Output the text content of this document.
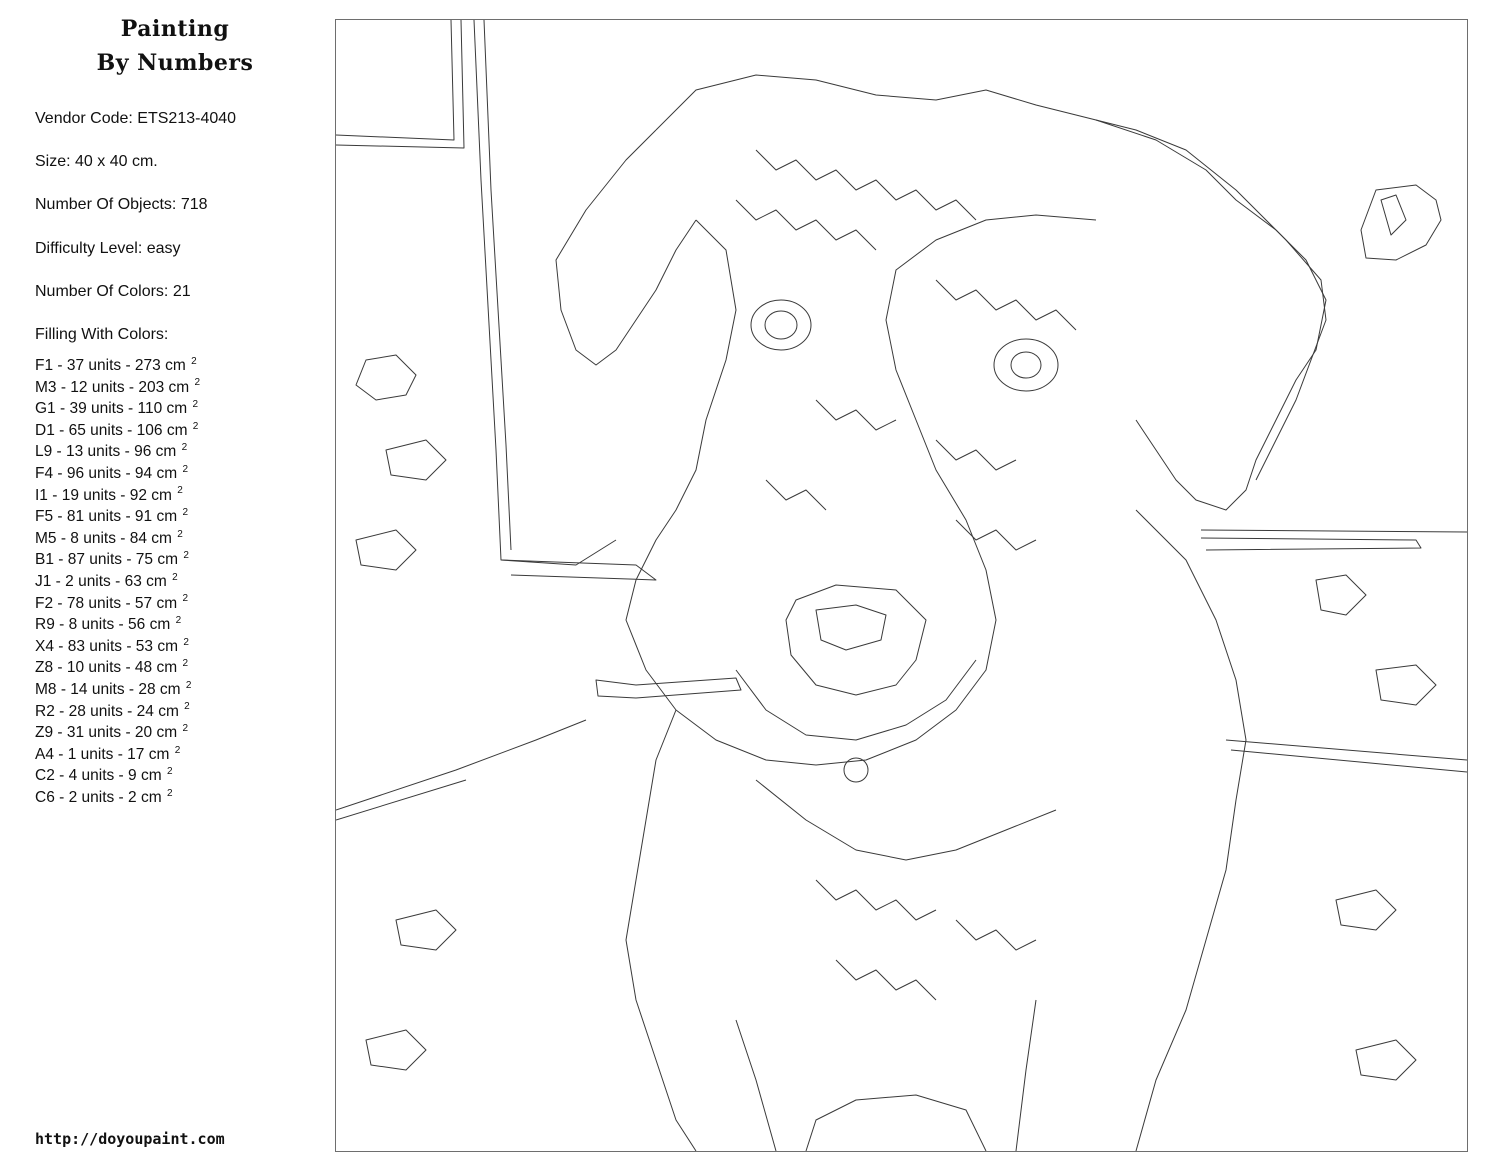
Painting
By Numbers
Vendor Code: ETS213-4040
Size: 40 x 40 cm.
Number Of Objects: 718
Difficulty Level: easy
Number Of Colors: 21
Filling With Colors:
F1 - 37 units - 273 cm $^2$
M3 - 12 units - 203 cm $^2$
G1 - 39 units - 110 cm $^2$
D1 - 65 units - 106 cm $^2$
L9 - 13 units - 96 cm $^2$
F4 - 96 units - 94 cm $^2$
I1 - 19 units - 92 cm $^2$
F5 - 81 units - 91 cm $^2$
M5 - 8 units - 84 cm $^2$
B1 - 87 units - 75 cm $^2$
J1 - 2 units - 63 cm $^2$
F2 - 78 units - 57 cm $^2$
R9 - 8 units - 56 cm $^2$
X4 - 83 units - 53 cm $^2$
Z8 - 10 units - 48 cm $^2$
M8 - 14 units - 28 cm $^2$
R2 - 28 units - 24 cm $^2$
Z9 - 31 units - 20 cm $^2$
A4 - 1 units - 17 cm $^2$
C2 - 4 units - 9 cm $^2$
C6 - 2 units - 2 cm $^2$
http://doyoupaint.com
